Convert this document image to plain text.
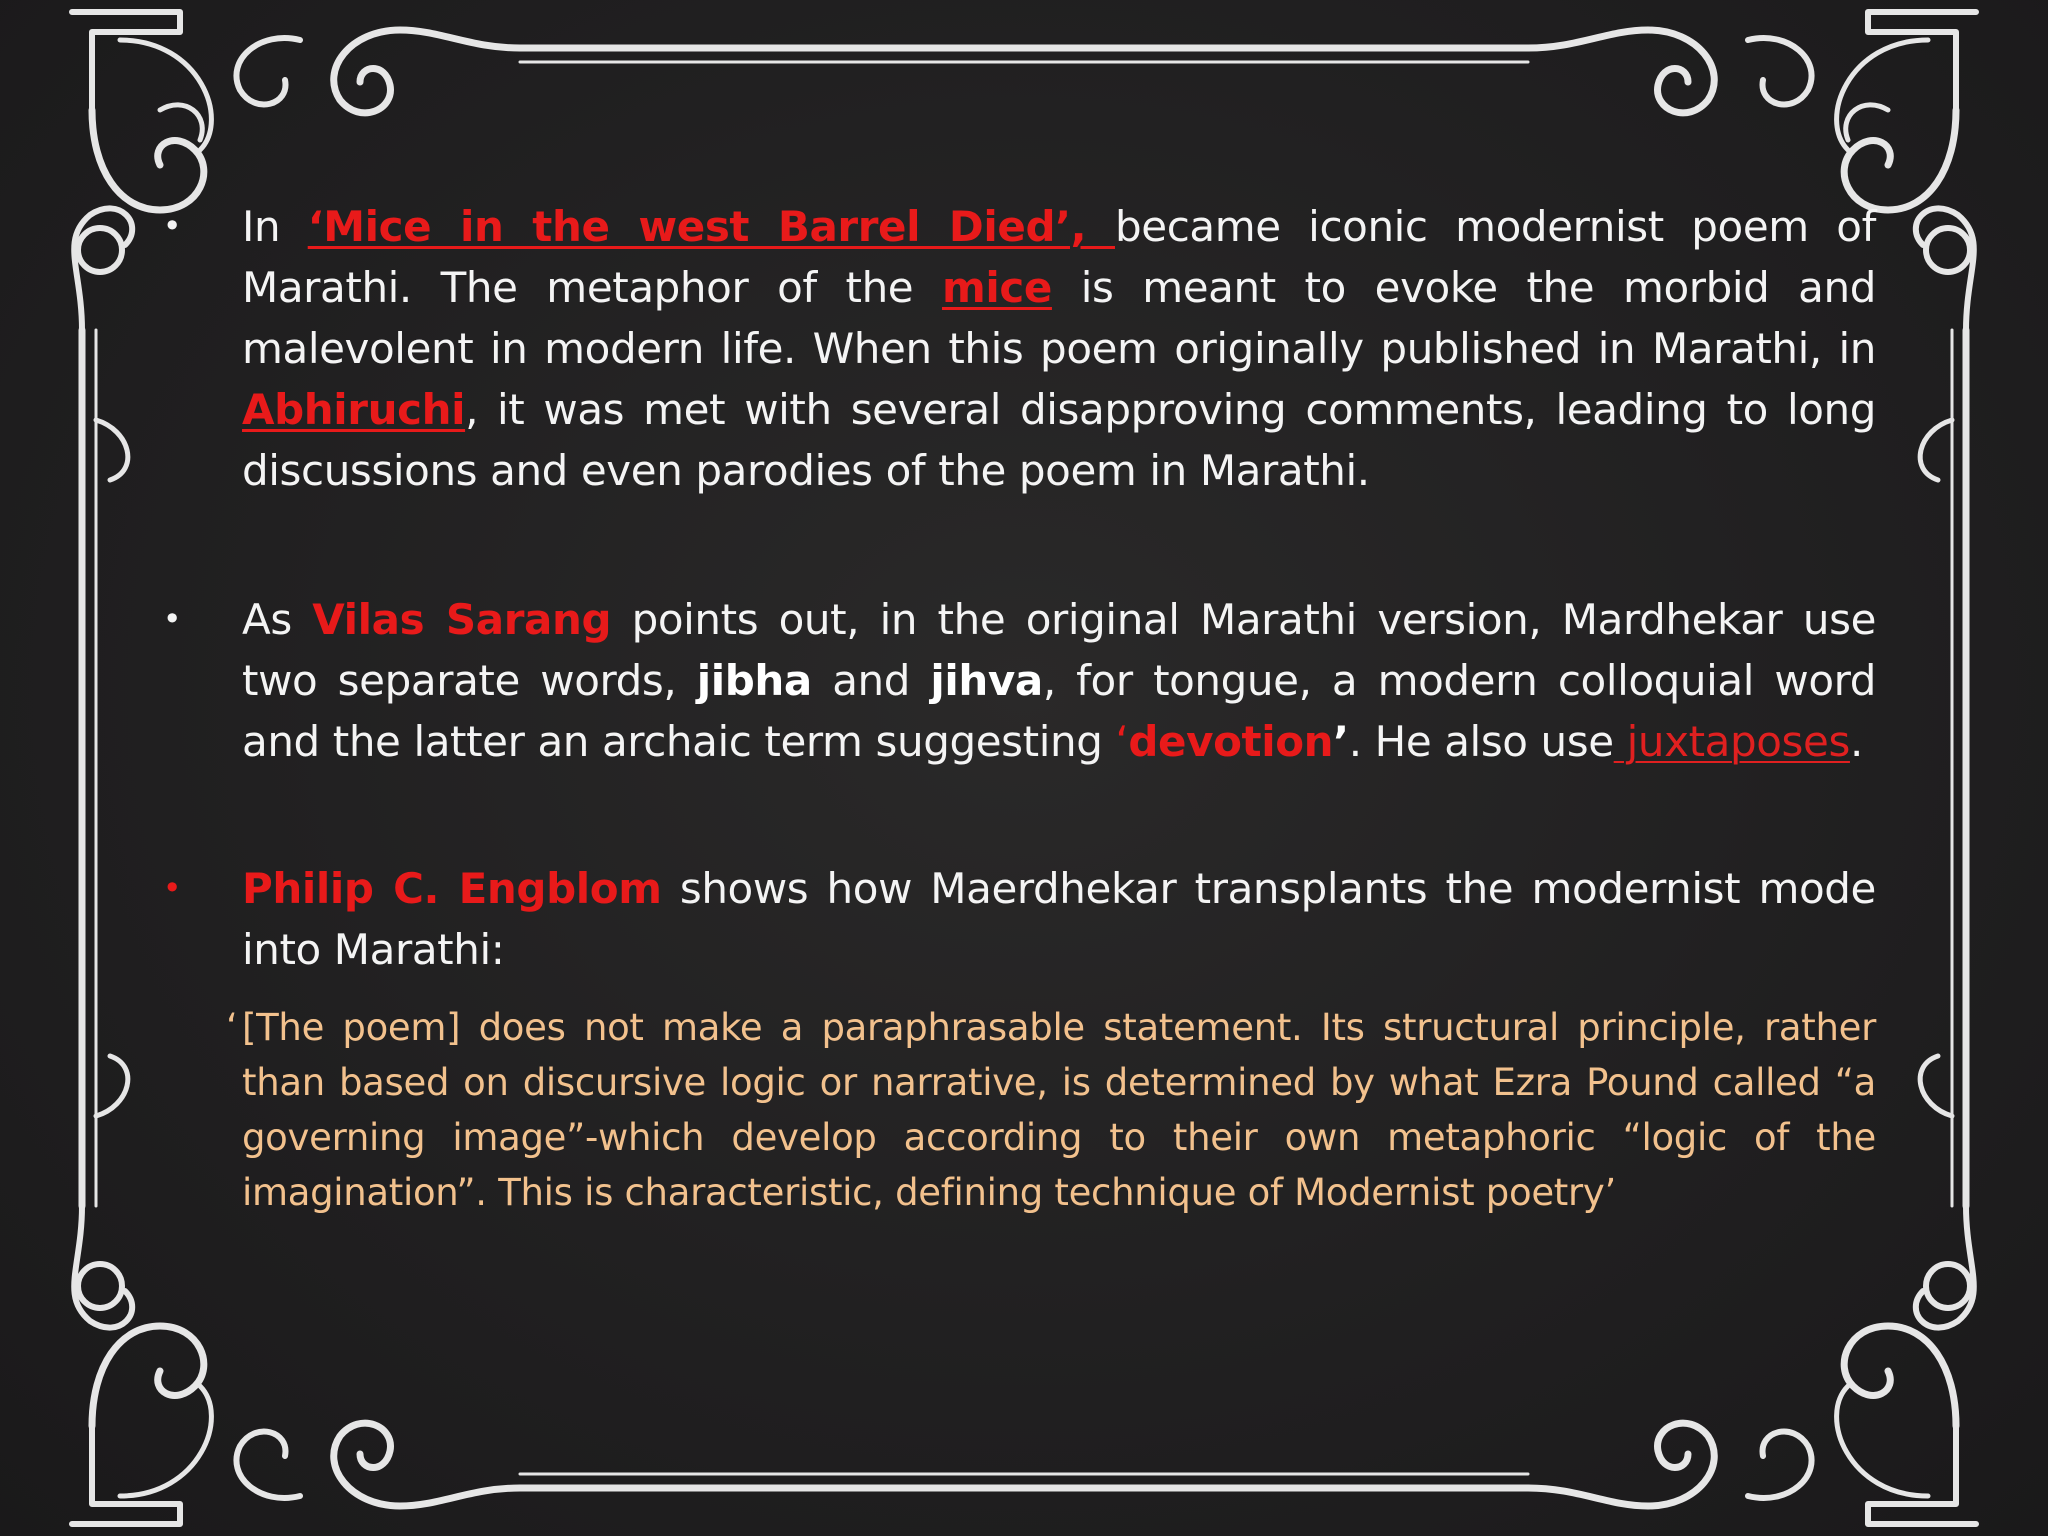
• In ‘Mice in the west Barrel Died’, became iconic modernist poem of Marathi. The metaphor of the mice is meant to evoke the morbid and malevolent in modern life. When this poem originally published in Marathi, in Abhiruchi, it was met with several disapproving comments, leading to long discussions and even parodies of the poem in Marathi.
• As Vilas Sarang points out, in the original Marathi version, Mardhekar use two separate words, jibha and jihva, for tongue, a modern colloquial word and the latter an archaic term suggesting ‘devotion’. He also use juxtaposes.
• Philip C. Engblom shows how Maerdhekar transplants the modernist mode into Marathi:
‘ [The poem] does not make a paraphrasable statement. Its structural principle, rather than based on discursive logic or narrative, is determined by what Ezra Pound called “a governing image”-which develop according to their own metaphoric “logic of the imagination”. This is characteristic, defining technique of Modernist poetry’
